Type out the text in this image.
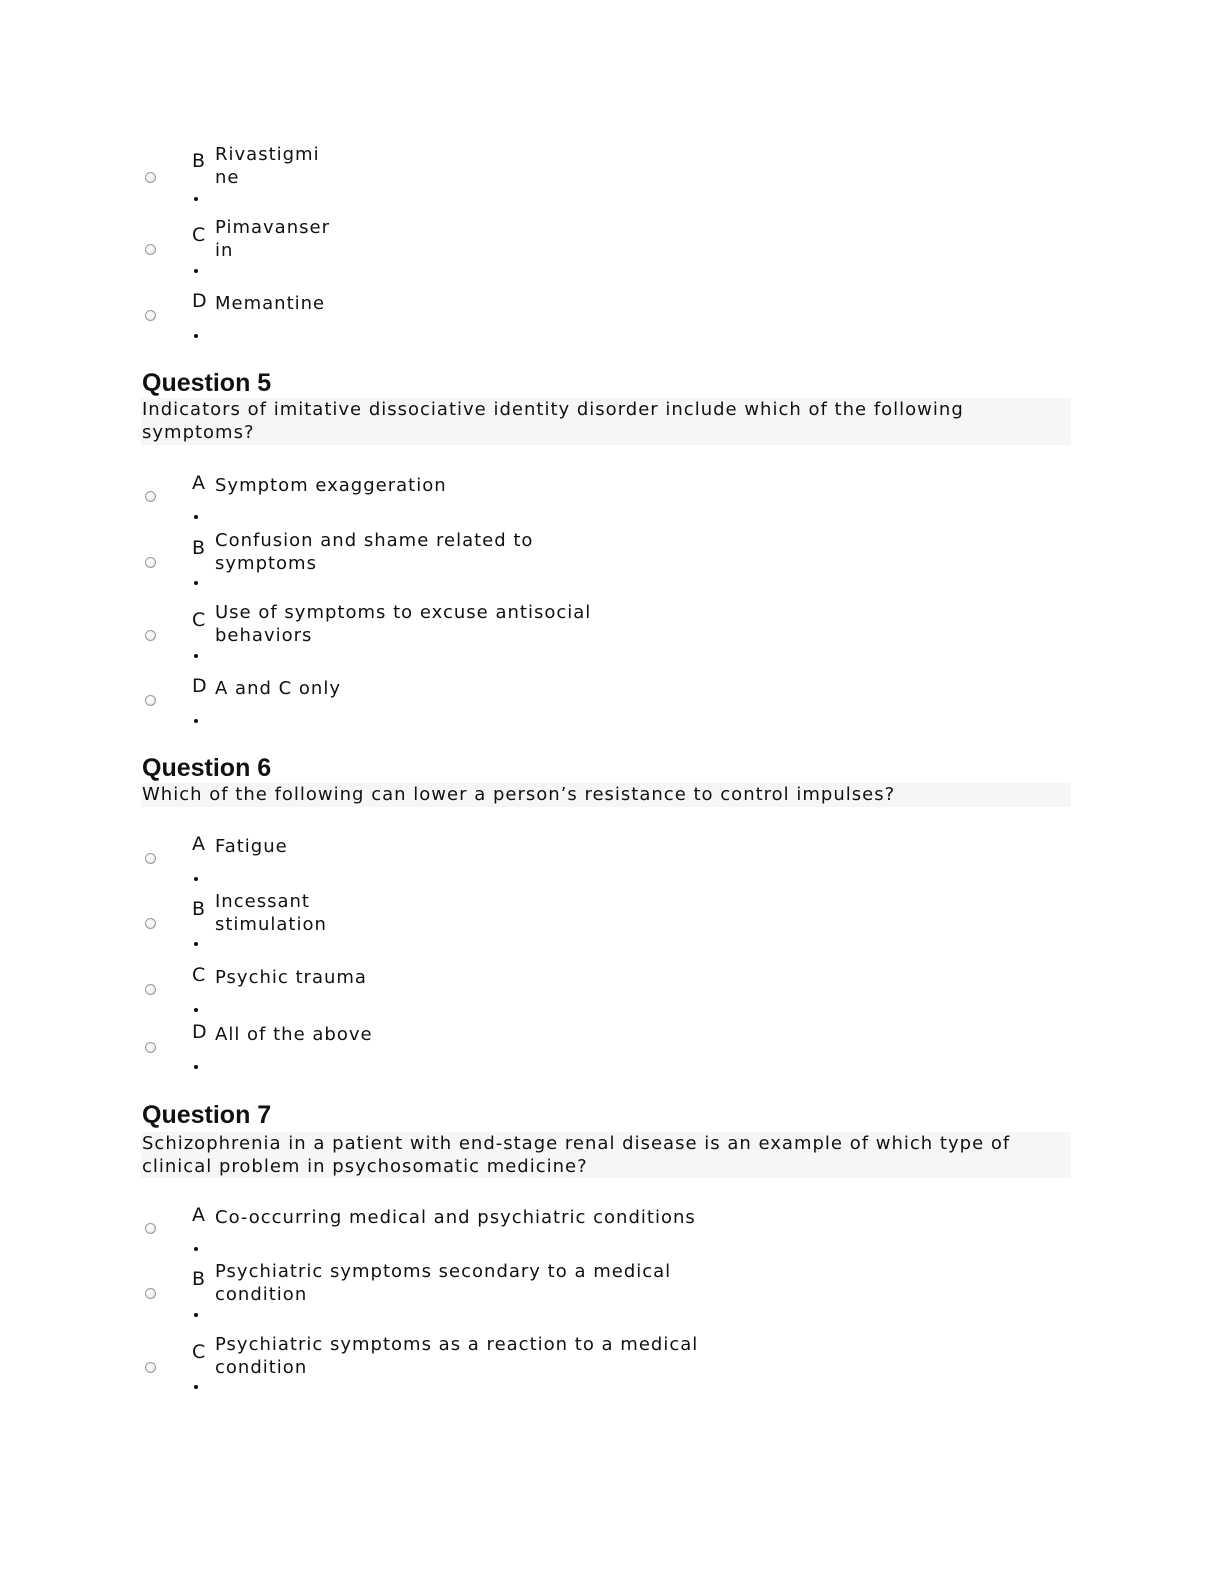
B Rivastigmi
ne
C Pimavanser
in
D Memantine
Question 5
Indicators of imitative dissociative identity disorder include which of the following
symptoms?
A Symptom exaggeration
B Confusion and shame related to
symptoms
C Use of symptoms to excuse antisocial
behaviors
D A and C only
Question 6
Which of the following can lower a person’s resistance to control impulses?
A Fatigue
B Incessant
stimulation
C Psychic trauma
D All of the above
Question 7
Schizophrenia in a patient with end-stage renal disease is an example of which type of
clinical problem in psychosomatic medicine?
A Co-occurring medical and psychiatric conditions
B Psychiatric symptoms secondary to a medical
condition
C Psychiatric symptoms as a reaction to a medical
condition
